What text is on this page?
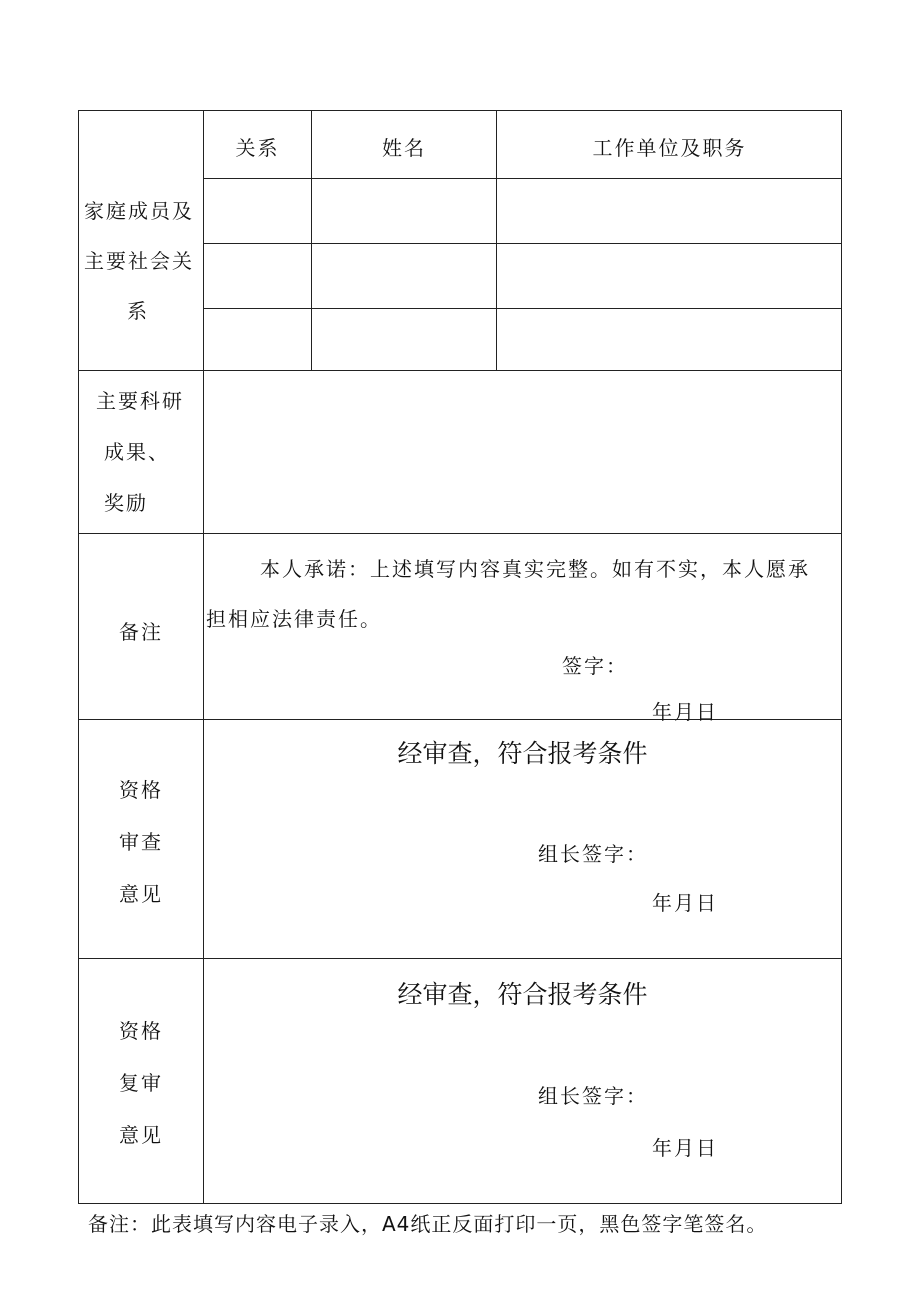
家庭成员及
主要社会关
系
关系	姓名	工作单位及职务
主要科研
成果、
奖励
备注
本人承诺：上述填写内容真实完整。如有不实，本人愿承
担相应法律责任。
签字：
年月日
资格
审查
意见
经审查，符合报考条件
组长签字：
年月日
资格
复审
意见
经审查，符合报考条件
组长签字：
年月日
备注：此表填写内容电子录入，A4纸正反面打印一页，黑色签字笔签名。
